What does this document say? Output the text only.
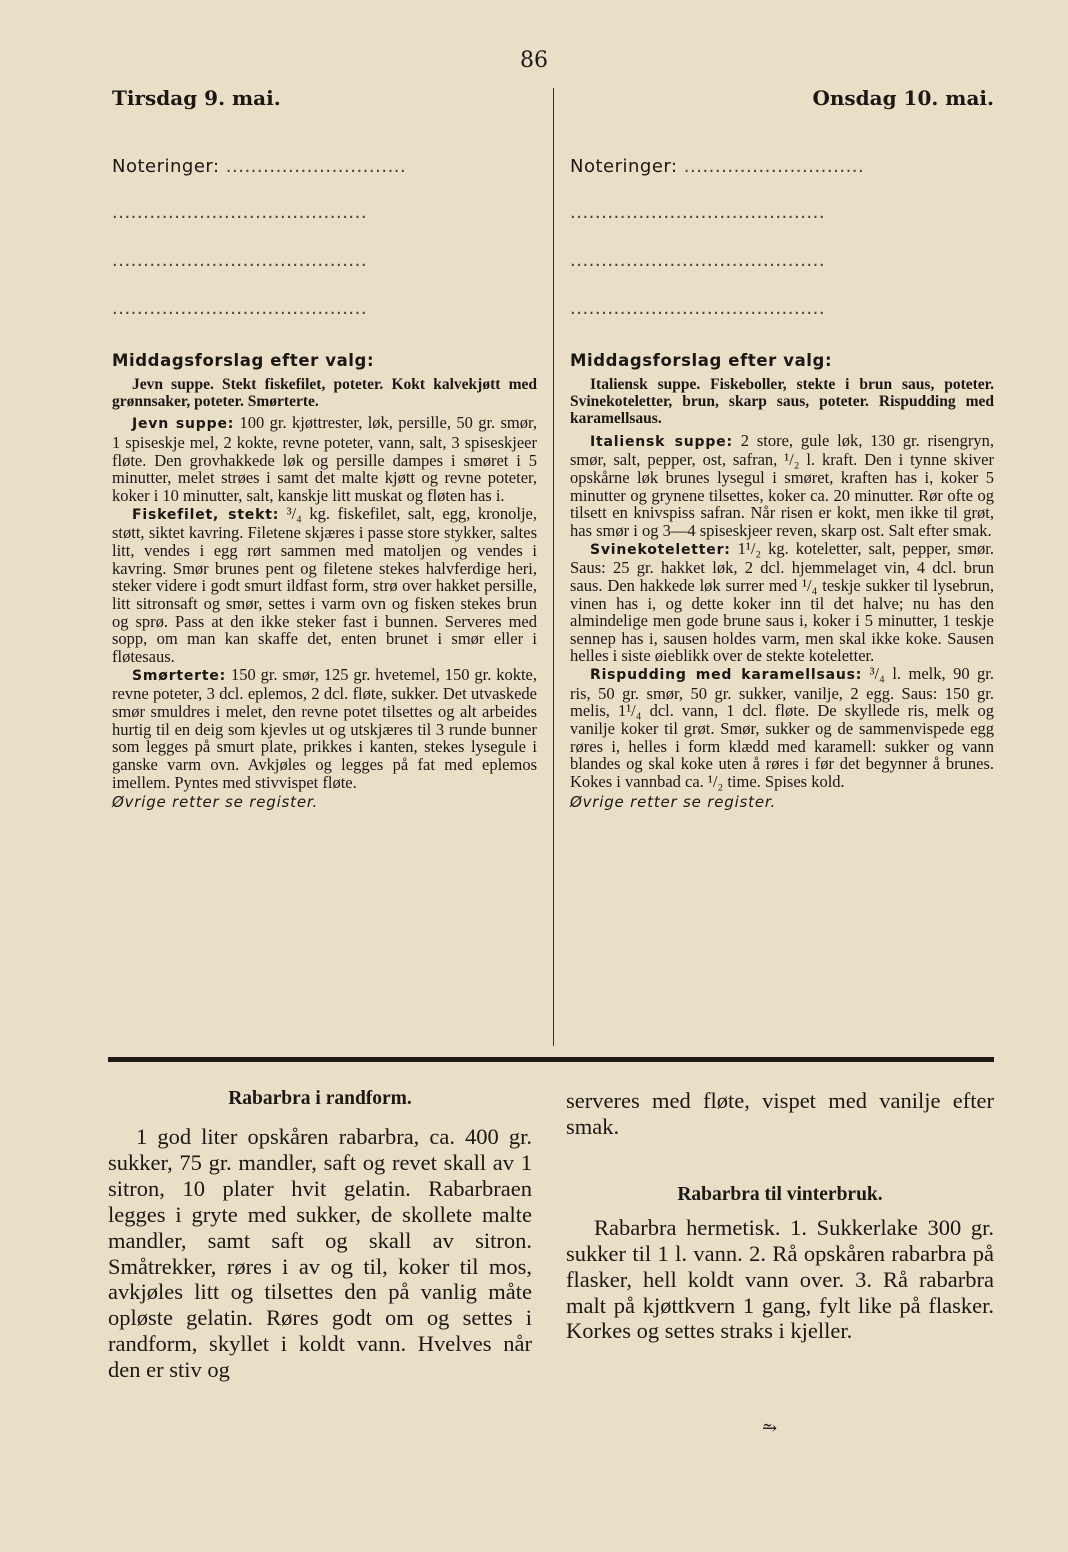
86
Tirsdag 9. mai.
Noteringer: .............................
.........................................
.........................................
.........................................
Middagsforslag efter valg:

Jevn suppe. Stekt fiskefilet, poteter. Kokt kalvekjøtt med grønnsaker, poteter. Smørterte.

Jevn suppe: 100 gr. kjøttrester, løk, persille, 50 gr. smør, 1 spiseskje mel, 2 kokte, revne poteter, vann, salt, 3 spiseskjeer fløte. Den grovhakkede løk og persille dampes i smøret i 5 minutter, melet strøes i samt det malte kjøtt og revne poteter, koker i 10 minutter, salt, kanskje litt muskat og fløten has i.

Fiskefilet, stekt: ³/₄ kg. fiskefilet, salt, egg, kronolje, støtt, siktet kavring. Filetene skjæres i passe store stykker, saltes litt, vendes i egg rørt sammen med matoljen og vendes i kavring. Smør brunes pent og filetene stekes halvferdige heri, steker videre i godt smurt ildfast form, strø over hakket persille, litt sitronsaft og smør, settes i varm ovn og fisken stekes brun og sprø. Pass at den ikke steker fast i bunnen. Serveres med sopp, om man kan skaffe det, enten brunet i smør eller i fløtesaus.

Smørterte: 150 gr. smør, 125 gr. hvetemel, 150 gr. kokte, revne poteter, 3 dcl. eplemos, 2 dcl. fløte, sukker. Det utvaskede smør smuldres i melet, den revne potet tilsettes og alt arbeides hurtig til en deig som kjevles ut og utskjæres til 3 runde bunner som legges på smurt plate, prikkes i kanten, stekes lysegule i ganske varm ovn. Avkjøles og legges på fat med eplemos imellem. Pyntes med stivvispet fløte.

Øvrige retter se register.
Onsdag 10. mai.
Noteringer: .............................
.........................................
.........................................
.........................................
Middagsforslag efter valg:

Italiensk suppe. Fiskeboller, stekte i brun saus, poteter. Svinekoteletter, brun, skarp saus, poteter. Rispudding med karamellsaus.

Italiensk suppe: 2 store, gule løk, 130 gr. risengryn, smør, salt, pepper, ost, safran, ¹/₂ l. kraft. Den i tynne skiver opskårne løk brunes lysegul i smøret, kraften has i, koker 5 minutter og grynene tilsettes, koker ca. 20 minutter. Rør ofte og tilsett en knivspiss safran. Når risen er kokt, men ikke til grøt, has smør i og 3—4 spiseskjeer reven, skarp ost. Salt efter smak.

Svinekoteletter: 1¹/₂ kg. koteletter, salt, pepper, smør. Saus: 25 gr. hakket løk, 2 dcl. hjemmelaget vin, 4 dcl. brun saus. Den hakkede løk surrer med ¹/₄ teskje sukker til lysebrun, vinen has i, og dette koker inn til det halve; nu has den almindelige men gode brune saus i, koker i 5 minutter, 1 teskje sennep has i, sausen holdes varm, men skal ikke koke. Sausen helles i siste øieblikk over de stekte koteletter.

Rispudding med karamellsaus: ³/₄ l. melk, 90 gr. ris, 50 gr. smør, 50 gr. sukker, vanilje, 2 egg. Saus: 150 gr. melis, 1¹/₄ dcl. vann, 1 dcl. fløte. De skyllede ris, melk og vanilje koker til grøt. Smør, sukker og de sammenvispede egg røres i, helles i form klædd med karamell: sukker og vann blandes og skal koke uten å røres i før det begynner å brunes. Kokes i vannbad ca. ¹/₂ time. Spises kold.

Øvrige retter se register.
Rabarbra i randform.

1 god liter opskåren rabarbra, ca. 400 gr. sukker, 75 gr. mandler, saft og revet skall av 1 sitron, 10 plater hvit gelatin. Rabarbraen legges i gryte med sukker, de skollete malte mandler, samt saft og skall av sitron. Småtrekker, røres i av og til, koker til mos, avkjøles litt og tilsettes den på vanlig måte opløste gelatin. Røres godt om og settes i randform, skyllet i koldt vann. Hvelves når den er stiv og

serveres med fløte, vispet med vanilje efter smak.

Rabarbra til vinterbruk.

Rabarbra hermetisk. 1. Sukkerlake 300 gr. sukker til 1 l. vann. 2. Rå opskåren rabarbra på flasker, hell koldt vann over. 3. Rå rabarbra malt på kjøttkvern 1 gang, fylt like på flasker. Korkes og settes straks i kjeller.

⥲
